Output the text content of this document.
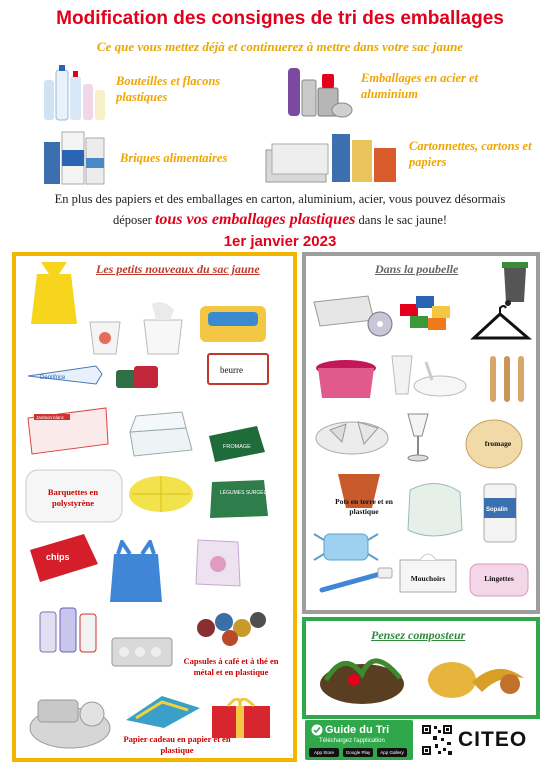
Modification des consignes de tri des emballages
Ce que vous mettez déjà et continuerez à mettre dans votre sac jaune
Bouteilles et flacons plastiques
Emballages en acier et aluminium
Briques alimentaires
Cartonnettes, cartons et papiers
En plus des papiers et des emballages en carton, aluminium, acier, vous pouvez désormais
déposer tous vos emballages plastiques dans le sac jaune!
1er janvier 2023
Les petits nouveaux du sac jaune
Dentifrice
beurre
Jambon blanc
FROMAGE
Barquettes en polystyrène
LÉGUMES SURGELÉS
chips
Capsules à café et à thé en métal et en plastique
Papier cadeau en papier et en plastique
Dans la poubelle
fromage
Pots en terre et en plastique	Sopalin
Mouchoirs	Lingettes
Pensez composteur
Guide du Tri
Téléchargez l'application
App Store	Google Play	App Gallery
CITEO
